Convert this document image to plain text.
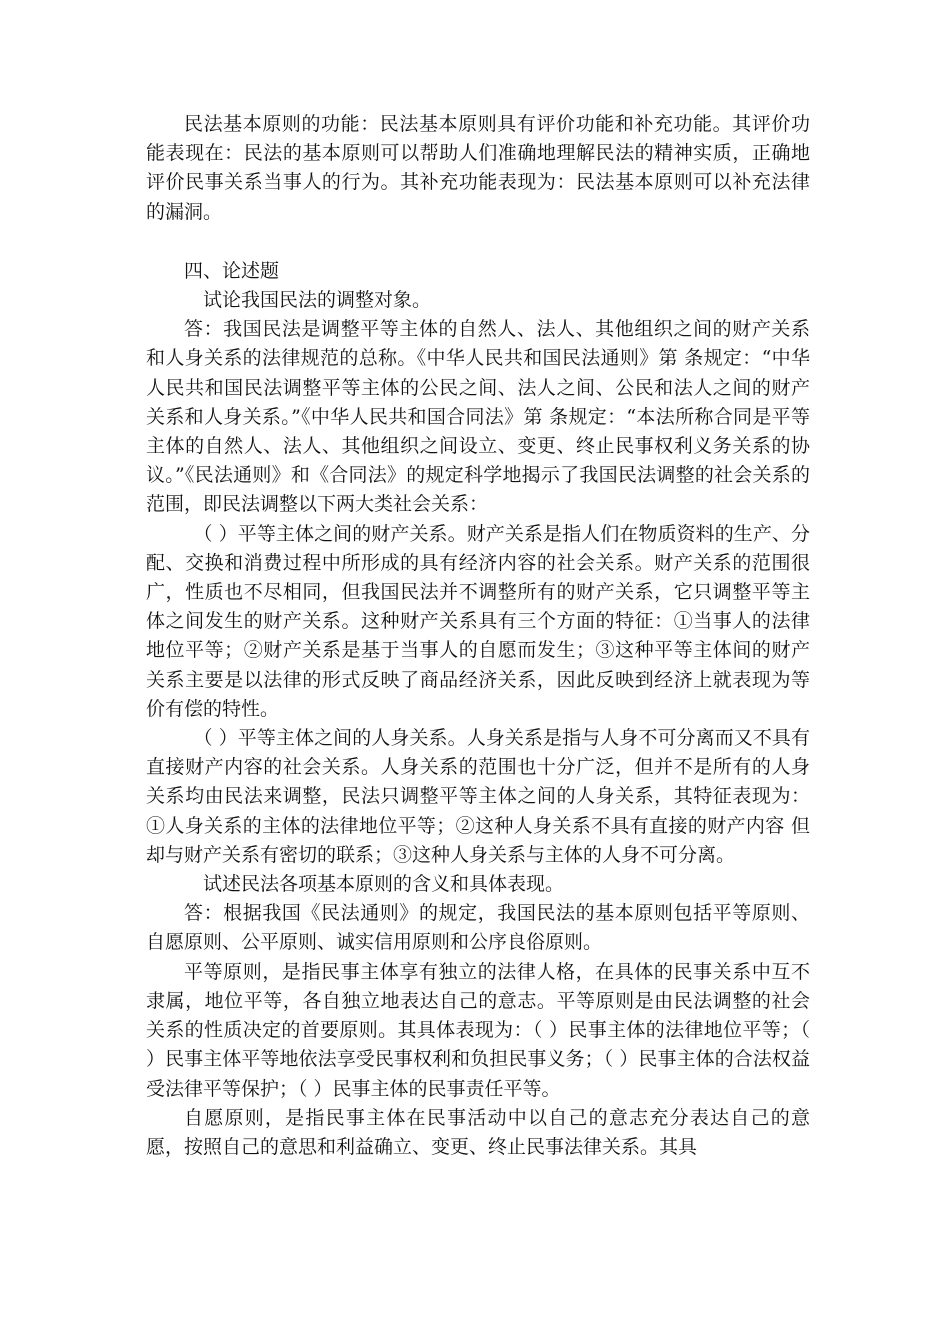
民法基本原则的功能：民法基本原则具有评价功能和补充功能。其评价功能表现在：民法的基本原则可以帮助人们准确地理解民法的精神实质，正确地评价民事关系当事人的行为。其补充功能表现为：民法基本原则可以补充法律的漏洞。

四、论述题

试论我国民法的调整对象。

答：我国民法是调整平等主体的自然人、法人、其他组织之间的财产关系和人身关系的法律规范的总称。《中华人民共和国民法通则》第 条规定：“中华人民共和国民法调整平等主体的公民之间、法人之间、公民和法人之间的财产关系和人身关系。”《中华人民共和国合同法》第 条规定：“本法所称合同是平等主体的自然人、法人、其他组织之间设立、变更、终止民事权利义务关系的协议。”《民法通则》和《合同法》的规定科学地揭示了我国民法调整的社会关系的范围，即民法调整以下两大类社会关系：

（ ）平等主体之间的财产关系。财产关系是指人们在物质资料的生产、分配、交换和消费过程中所形成的具有经济内容的社会关系。财产关系的范围很广，性质也不尽相同，但我国民法并不调整所有的财产关系，它只调整平等主体之间发生的财产关系。这种财产关系具有三个方面的特征：①当事人的法律地位平等；②财产关系是基于当事人的自愿而发生；③这种平等主体间的财产关系主要是以法律的形式反映了商品经济关系，因此反映到经济上就表现为等价有偿的特性。

（ ）平等主体之间的人身关系。人身关系是指与人身不可分离而又不具有直接财产内容的社会关系。人身关系的范围也十分广泛，但并不是所有的人身关系均由民法来调整，民法只调整平等主体之间的人身关系，其特征表现为：①人身关系的主体的法律地位平等；②这种人身关系不具有直接的财产内容 但却与财产关系有密切的联系；③这种人身关系与主体的人身不可分离。

试述民法各项基本原则的含义和具体表现。

答：根据我国《民法通则》的规定，我国民法的基本原则包括平等原则、自愿原则、公平原则、诚实信用原则和公序良俗原则。

平等原则，是指民事主体享有独立的法律人格，在具体的民事关系中互不隶属，地位平等，各自独立地表达自己的意志。平等原则是由民法调整的社会关系的性质决定的首要原则。其具体表现为：（ ）民事主体的法律地位平等；（ ）民事主体平等地依法享受民事权利和负担民事义务；（ ）民事主体的合法权益受法律平等保护；（ ）民事主体的民事责任平等。

自愿原则，是指民事主体在民事活动中以自己的意志充分表达自己的意愿，按照自己的意思和利益确立、变更、终止民事法律关系。其具
